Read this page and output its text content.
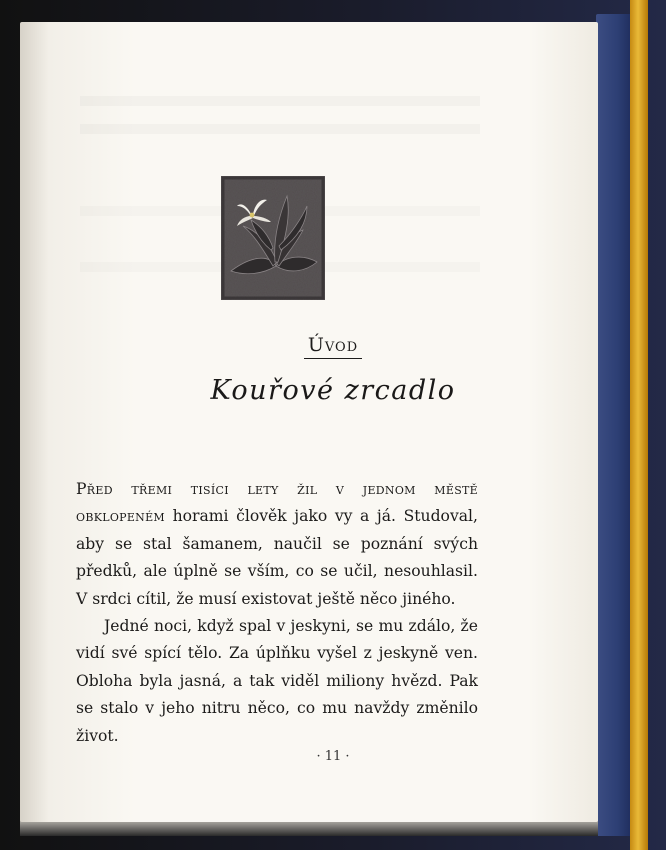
Úvod
Kouřové zrcadlo

Před třemi tisíci lety žil v jednom městě obklopeném horami člověk jako vy a já. Studoval, aby se stal šamanem, naučil se poznání svých předků, ale úplně se vším, co se učil, nesouhlasil. V srdci cítil, že musí existovat ještě něco jiného.

Jedné noci, když spal v jeskyni, se mu zdálo, že vidí své spící tělo. Za úplňku vyšel z jeskyně ven. Obloha byla jasná, a tak viděl miliony hvězd. Pak se stalo v jeho nitru něco, co mu navždy změnilo život.

· 11 ·
